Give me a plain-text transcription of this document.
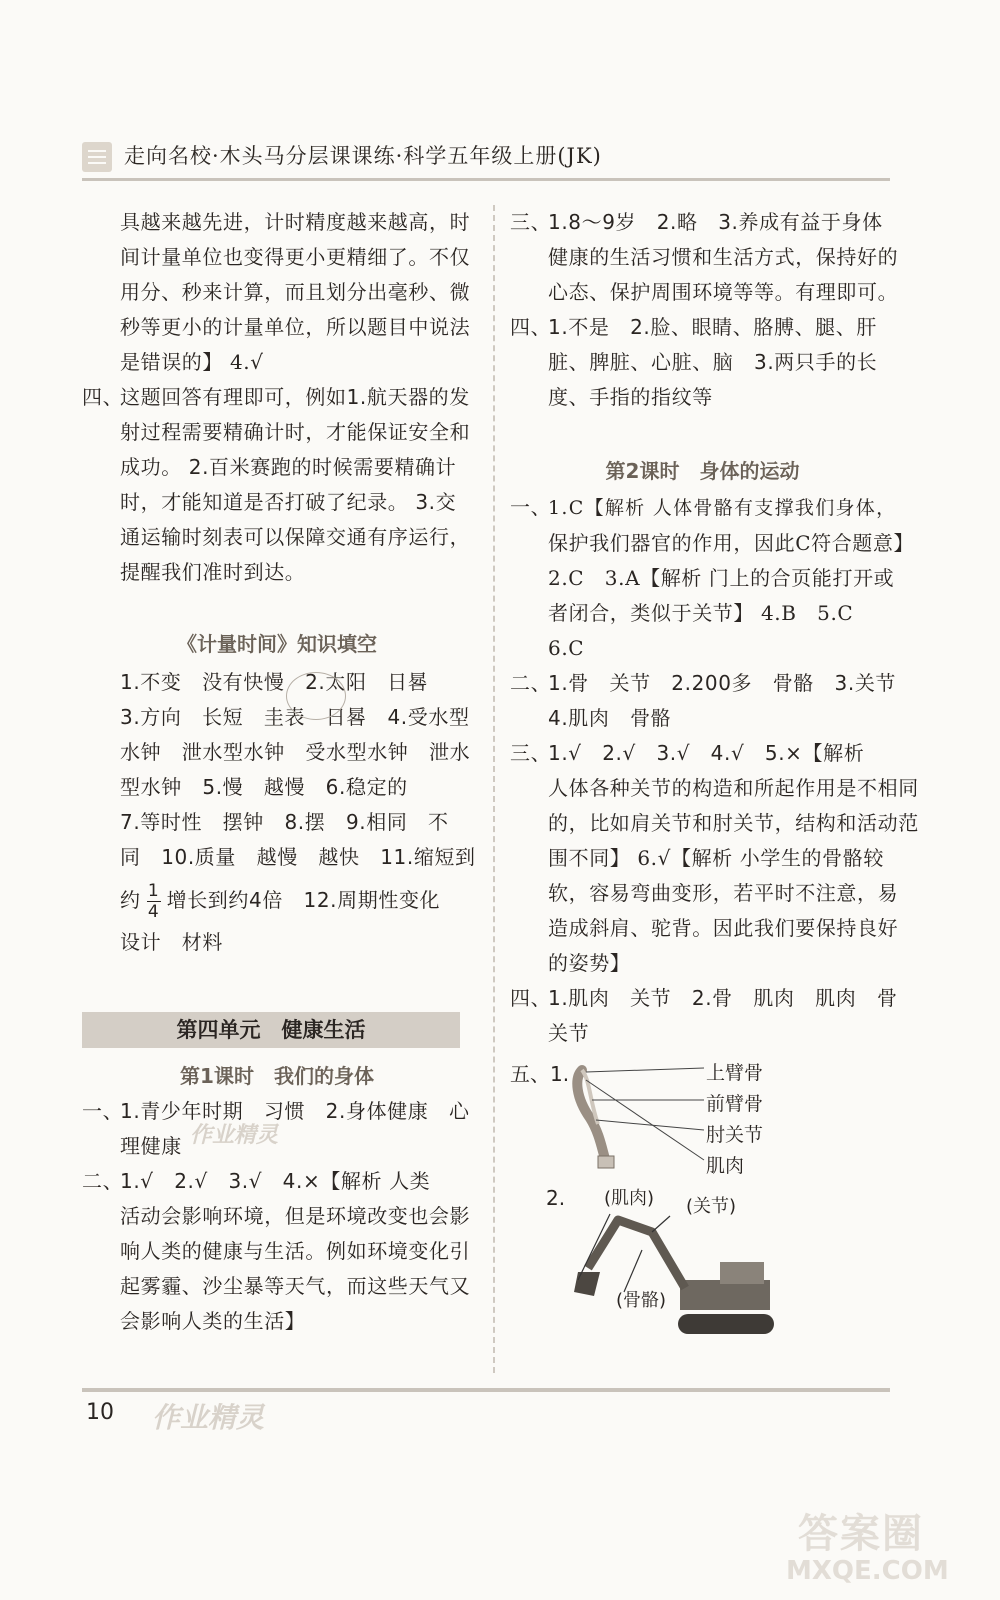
走向名校·木头马分层课课练·科学五年级上册(JK)
具越来越先进，计时精度越来越高，时
间计量单位也变得更小更精细了。不仅
用分、秒来计算，而且划分出毫秒、微
秒等更小的计量单位，所以题目中说法
是错误的】 4.√
四、这题回答有理即可，例如1.航天器的发
射过程需要精确计时，才能保证安全和
成功。 2.百米赛跑的时候需要精确计
时，才能知道是否打破了纪录。 3.交
通运输时刻表可以保障交通有序运行，
提醒我们准时到达。
《计量时间》知识填空
1.不变　没有快慢　2.太阳　日晷
3.方向　长短　圭表　日晷　4.受水型
水钟　泄水型水钟　受水型水钟　泄水
型水钟　5.慢　越慢　6.稳定的
7.等时性　摆钟　8.摆　9.相同　不
同　10.质量　越慢　越快　11.缩短到
约 $\frac{1}{4}$ 增长到约4倍　12.周期性变化
设计　材料
第四单元　健康生活
第1课时　我们的身体
一、1.青少年时期　习惯　2.身体健康　心
理健康
二、1.√　2.√　3.√　4.×【解析 人类
活动会影响环境，但是环境改变也会影
响人类的健康与生活。例如环境变化引
起雾霾、沙尘暴等天气，而这些天气又
会影响人类的生活】
作业精灵
三、1.8～9岁　2.略　3.养成有益于身体
健康的生活习惯和生活方式，保持好的
心态、保护周围环境等等。有理即可。
四、1.不是　2.脸、眼睛、胳膊、腿、肝
脏、脾脏、心脏、脑　3.两只手的长
度、手指的指纹等
第2课时　身体的运动
一、1.C【解析 人体骨骼有支撑我们身体，
保护我们器官的作用，因此C符合题意】
2.C　3.A【解析 门上的合页能打开或
者闭合，类似于关节】 4.B　5.C
6.C
二、1.骨　关节　2.200多　骨骼　3.关节
4.肌肉　骨骼
三、1.√　2.√　3.√　4.√　5.×【解析
人体各种关节的构造和所起作用是不相同
的，比如肩关节和肘关节，结构和活动范
围不同】 6.√【解析 小学生的骨骼较
软，容易弯曲变形，若平时不注意，易
造成斜肩、驼背。因此我们要保持良好
的姿势】
四、1.肌肉　关节　2.骨　肌肉　肌肉　骨
关节
五、1.	上臂骨
前臂骨
肘关节
肌肉
2. (肌肉) (关节)
(骨骼)
10 作业精灵
答案圈
MXQE.COM
